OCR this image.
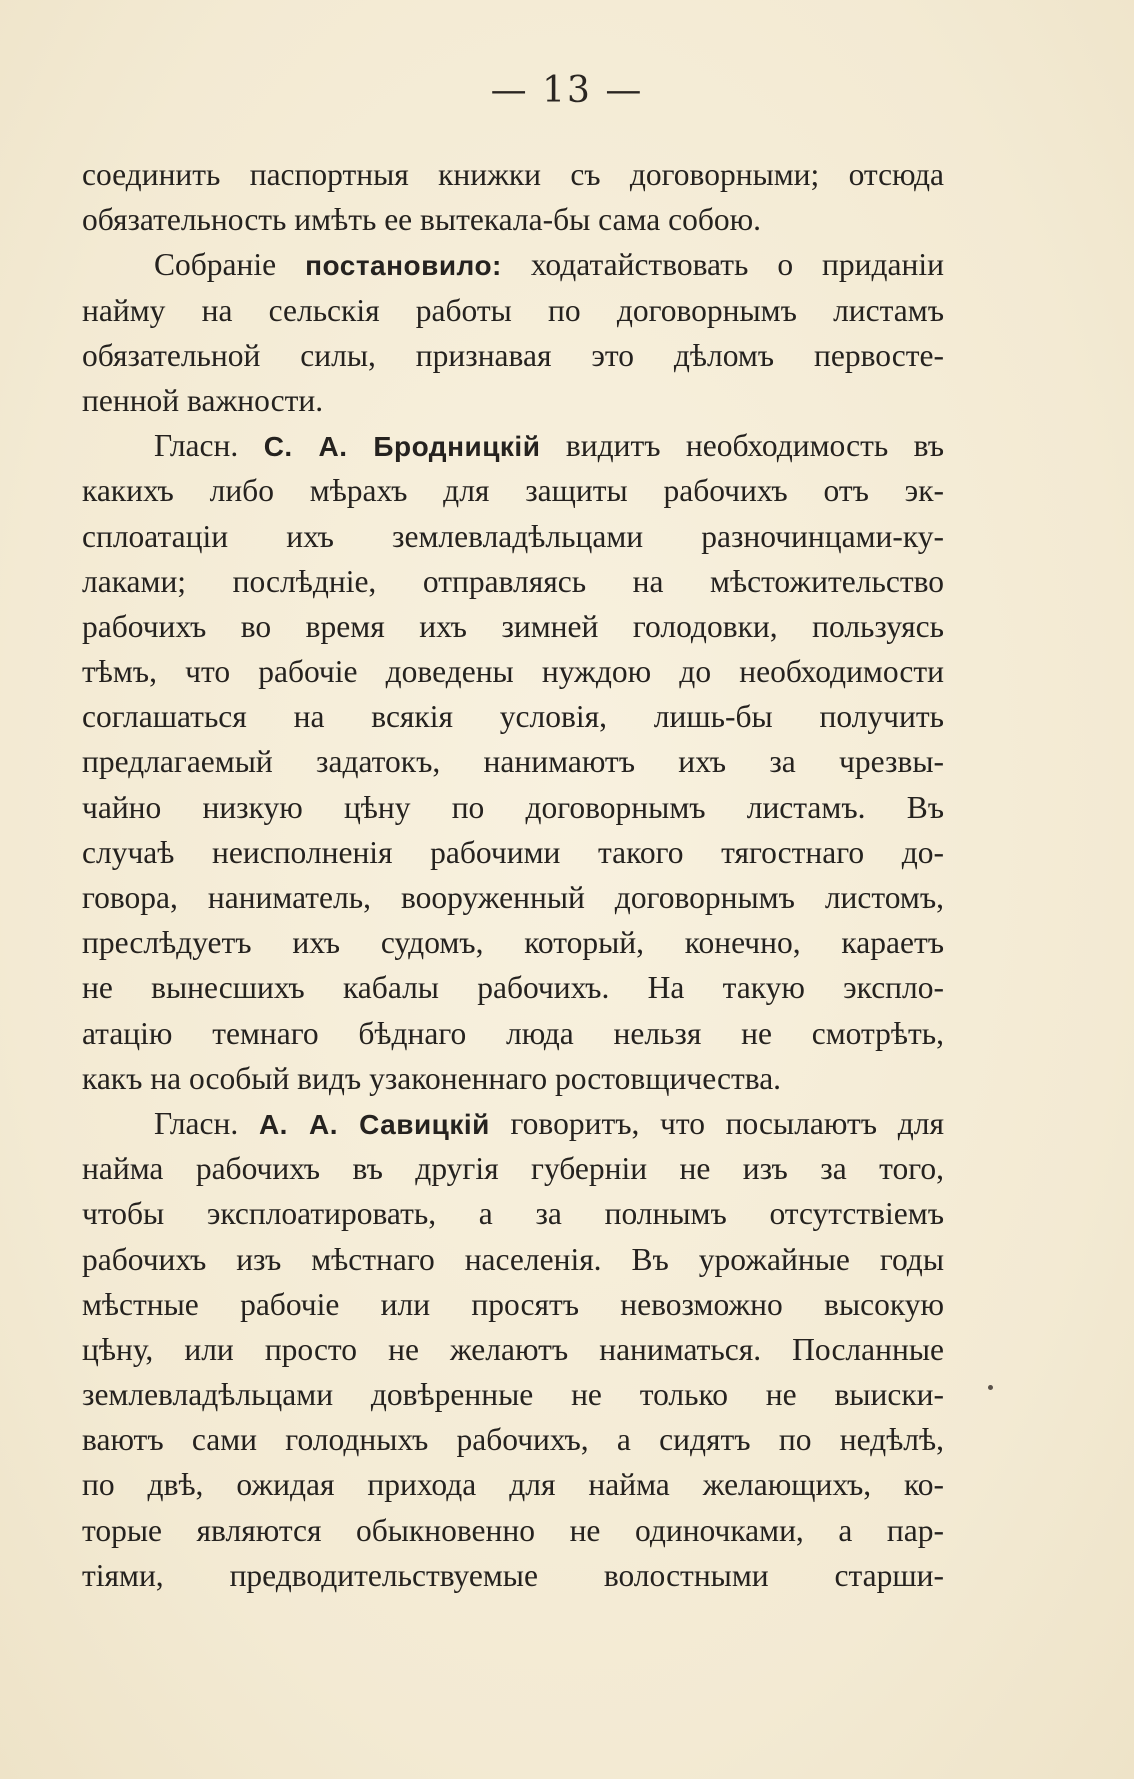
— 13 —
соединить паспортныя книжки съ договорными; отсюда
обязательность имѣть ее вытекала-бы сама собою.
Собраніе постановило: ходатайствовать о приданіи
найму на сельскія работы по договорнымъ листамъ
обязательной силы, признавая это дѣломъ первосте-
пенной важности.
Гласн. С. А. Бродницкій видитъ необходимость въ
какихъ либо мѣрахъ для защиты рабочихъ отъ эк-
сплоатаціи ихъ землевладѣльцами разночинцами-ку-
лаками; послѣдніе, отправляясь на мѣстожительство
рабочихъ во время ихъ зимней голодовки, пользуясь
тѣмъ, что рабочіе доведены нуждою до необходимости
соглашаться на всякія условія, лишь-бы получить
предлагаемый задатокъ, нанимаютъ ихъ за чрезвы-
чайно низкую цѣну по договорнымъ листамъ. Въ
случаѣ неисполненія рабочими такого тягостнаго до-
говора, наниматель, вооруженный договорнымъ листомъ,
преслѣдуетъ ихъ судомъ, который, конечно, караетъ
не вынесшихъ кабалы рабочихъ. На такую экспло-
атацію темнаго бѣднаго люда нельзя не смотрѣть,
какъ на особый видъ узаконеннаго ростовщичества.
Гласн. А. А. Савицкій говоритъ, что посылаютъ для
найма рабочихъ въ другія губерніи не изъ за того,
чтобы эксплоатировать, а за полнымъ отсутствіемъ
рабочихъ изъ мѣстнаго населенія. Въ урожайные годы
мѣстные рабочіе или просятъ невозможно высокую
цѣну, или просто не желаютъ наниматься. Посланные
землевладѣльцами довѣренные не только не выиски-
ваютъ сами голодныхъ рабочихъ, а сидятъ по недѣлѣ,
по двѣ, ожидая прихода для найма желающихъ, ко-
торые являются обыкновенно не одиночками, а пар-
тіями, предводительствуемые волостными старши-
